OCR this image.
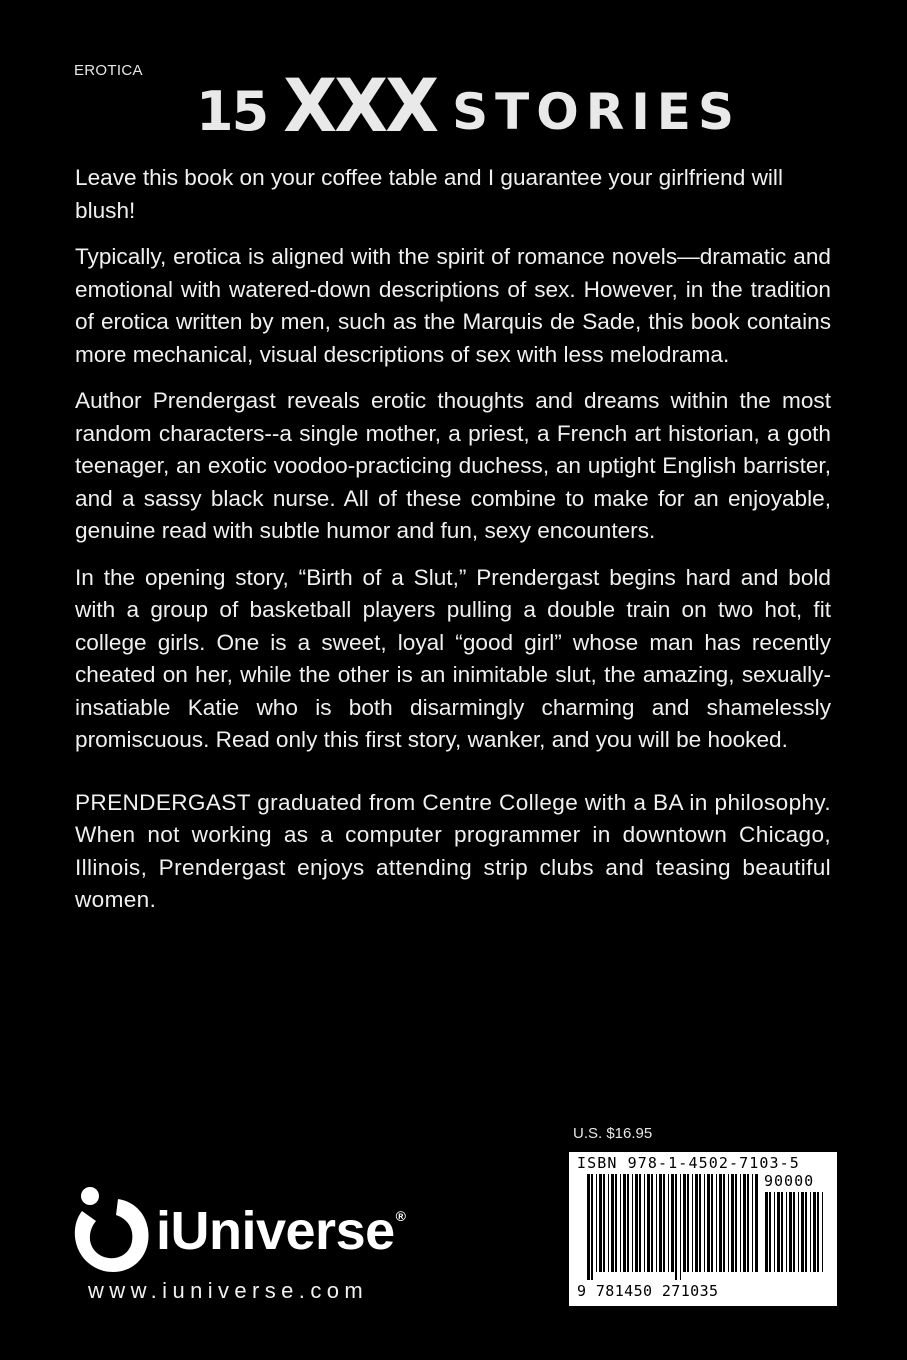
EROTICA
15 XXX STORIES

Leave this book on your coffee table and I guarantee your girlfriend will blush!

Typically, erotica is aligned with the spirit of romance novels—dramatic and emotional with watered-down descriptions of sex. However, in the tradition of erotica written by men, such as the Marquis de Sade, this book contains more mechanical, visual descriptions of sex with less melodrama.

Author Prendergast reveals erotic thoughts and dreams within the most random characters--a single mother, a priest, a French art historian, a goth teenager, an exotic voodoo-practicing duchess, an uptight English barrister, and a sassy black nurse. All of these combine to make for an enjoyable, genuine read with subtle humor and fun, sexy encounters.

In the opening story, “Birth of a Slut,” Prendergast begins hard and bold with a group of basketball players pulling a double train on two hot, fit college girls. One is a sweet, loyal “good girl” whose man has recently cheated on her, while the other is an inimitable slut, the amazing, sexually-insatiable Katie who is both disarmingly charming and shamelessly promiscuous. Read only this first story, wanker, and you will be hooked.

PRENDERGAST graduated from Centre College with a BA in philosophy. When not working as a computer programmer in downtown Chicago, Illinois, Prendergast enjoys attending strip clubs and teasing beautiful women.

U.S. $16.95
ISBN 978-1-4502-7103-5
90000
9 781450 271035
iUniverse®
www.iuniverse.com
